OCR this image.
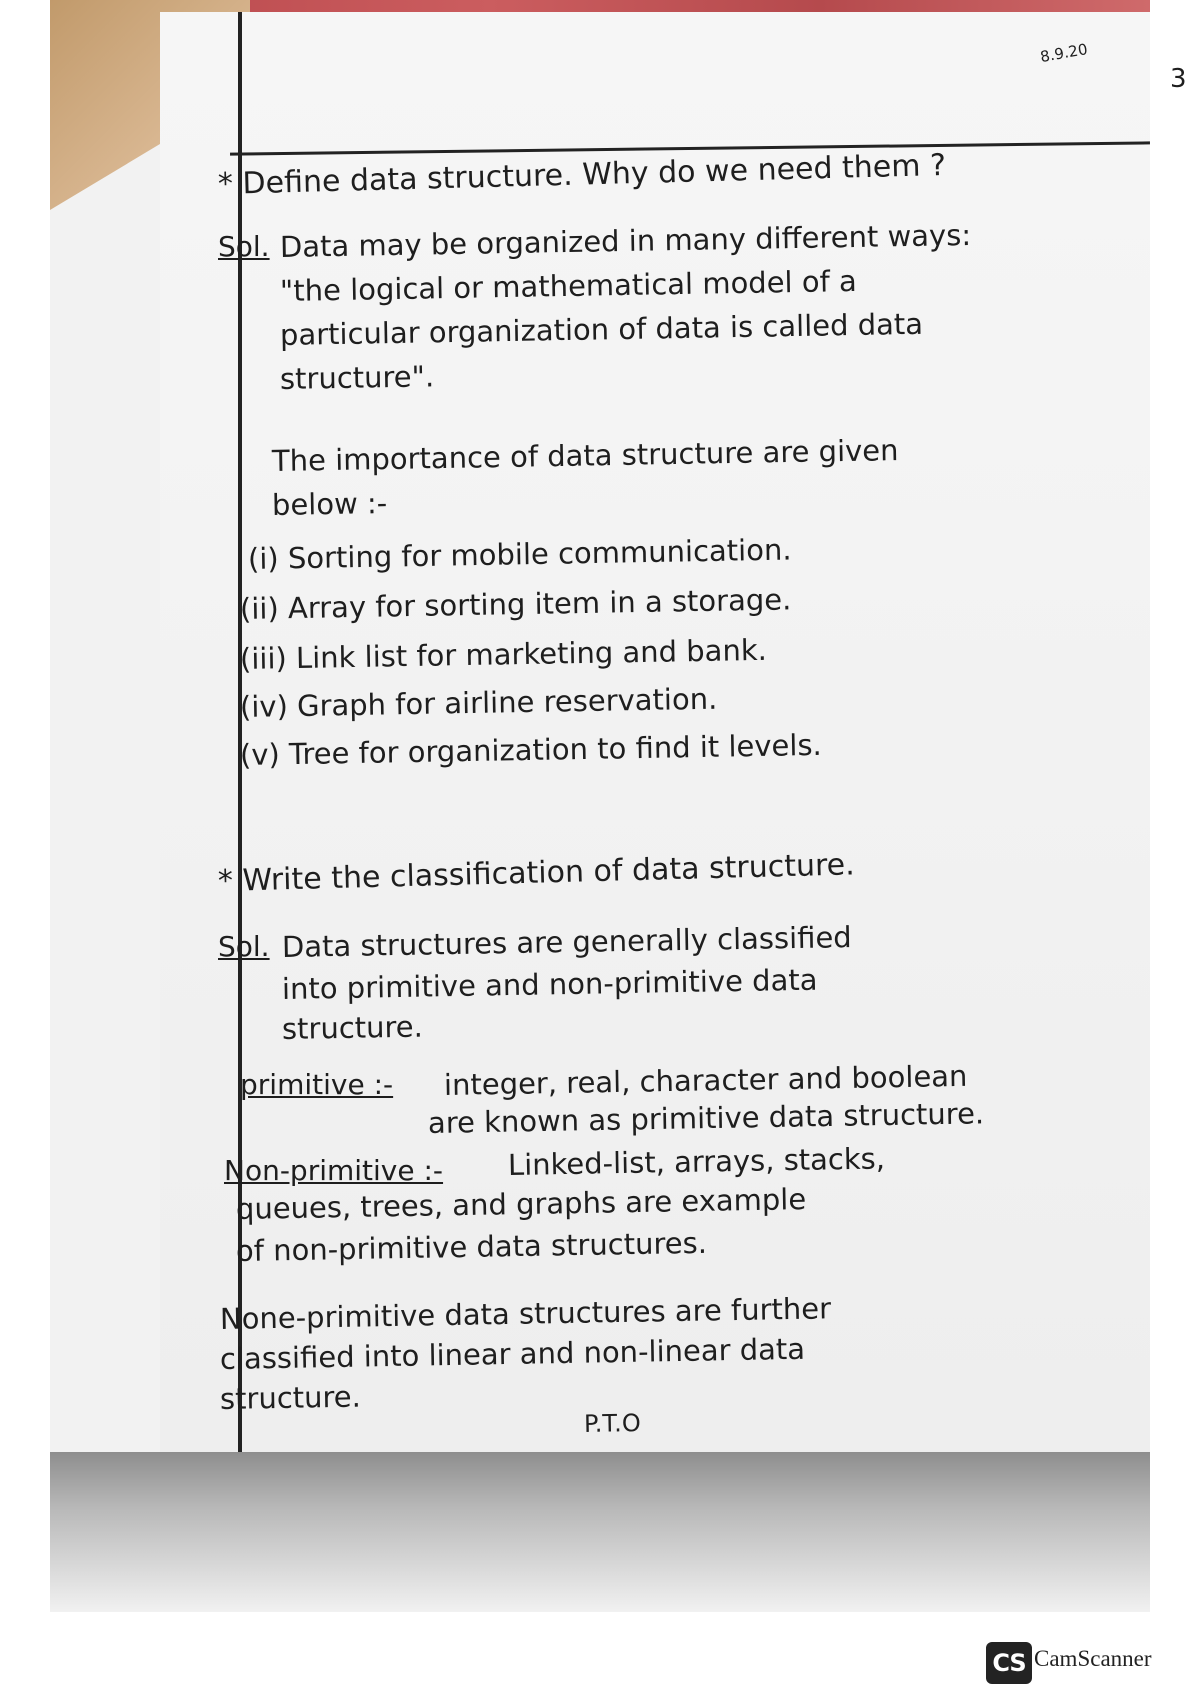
8.9.20
3
* Define data structure. Why do we need them ?
Sol. Data may be organized in many different ways:
"the logical or mathematical model of a
particular organization of data is called data
structure".
The importance of data structure are given
below :-
(i) Sorting for mobile communication.
(ii) Array for sorting item in a storage.
(iii) Link list for marketing and bank.
(iv) Graph for airline reservation.
(v) Tree for organization to find it levels.
* Write the classification of data structure.
Sol. Data structures are generally classified
into primitive and non-primitive data
structure.
primitive :- integer, real, character and boolean
are known as primitive data structure.
Non-primitive :- Linked-list, arrays, stacks,
queues, trees, and graphs are example
of non-primitive data structures.
None-primitive data structures are further
classified into linear and non-linear data
structure.
P.T.O
CS CamScanner
